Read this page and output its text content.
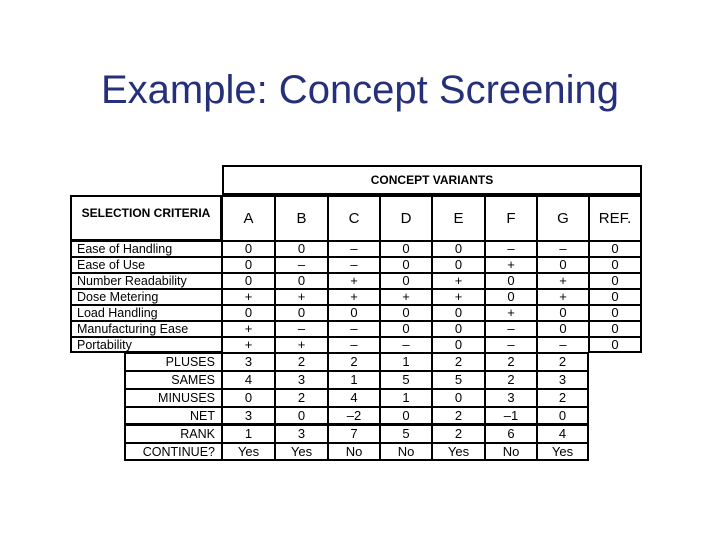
Example: Concept Screening
CONCEPT VARIANTS
SELECTION CRITERIA	A	B	C	D	E	F	G	REF.
Ease of Handling	0	0	–	0	0	–	–	0
Ease of Use	0	–	–	0	0	+	0	0
Number Readability	0	0	+	0	+	0	+	0
Dose Metering	+	+	+	+	+	0	+	0
Load Handling	0	0	0	0	0	+	0	0
Manufacturing Ease	+	–	–	0	0	–	0	0
Portability	+	+	–	–	0	–	–	0
PLUSES	3	2	2	1	2	2	2
SAMES	4	3	1	5	5	2	3
MINUSES	0	2	4	1	0	3	2
NET	3	0	–2	0	2	–1	0
RANK	1	3	7	5	2	6	4
CONTINUE?	Yes	Yes	No	No	Yes	No	Yes
